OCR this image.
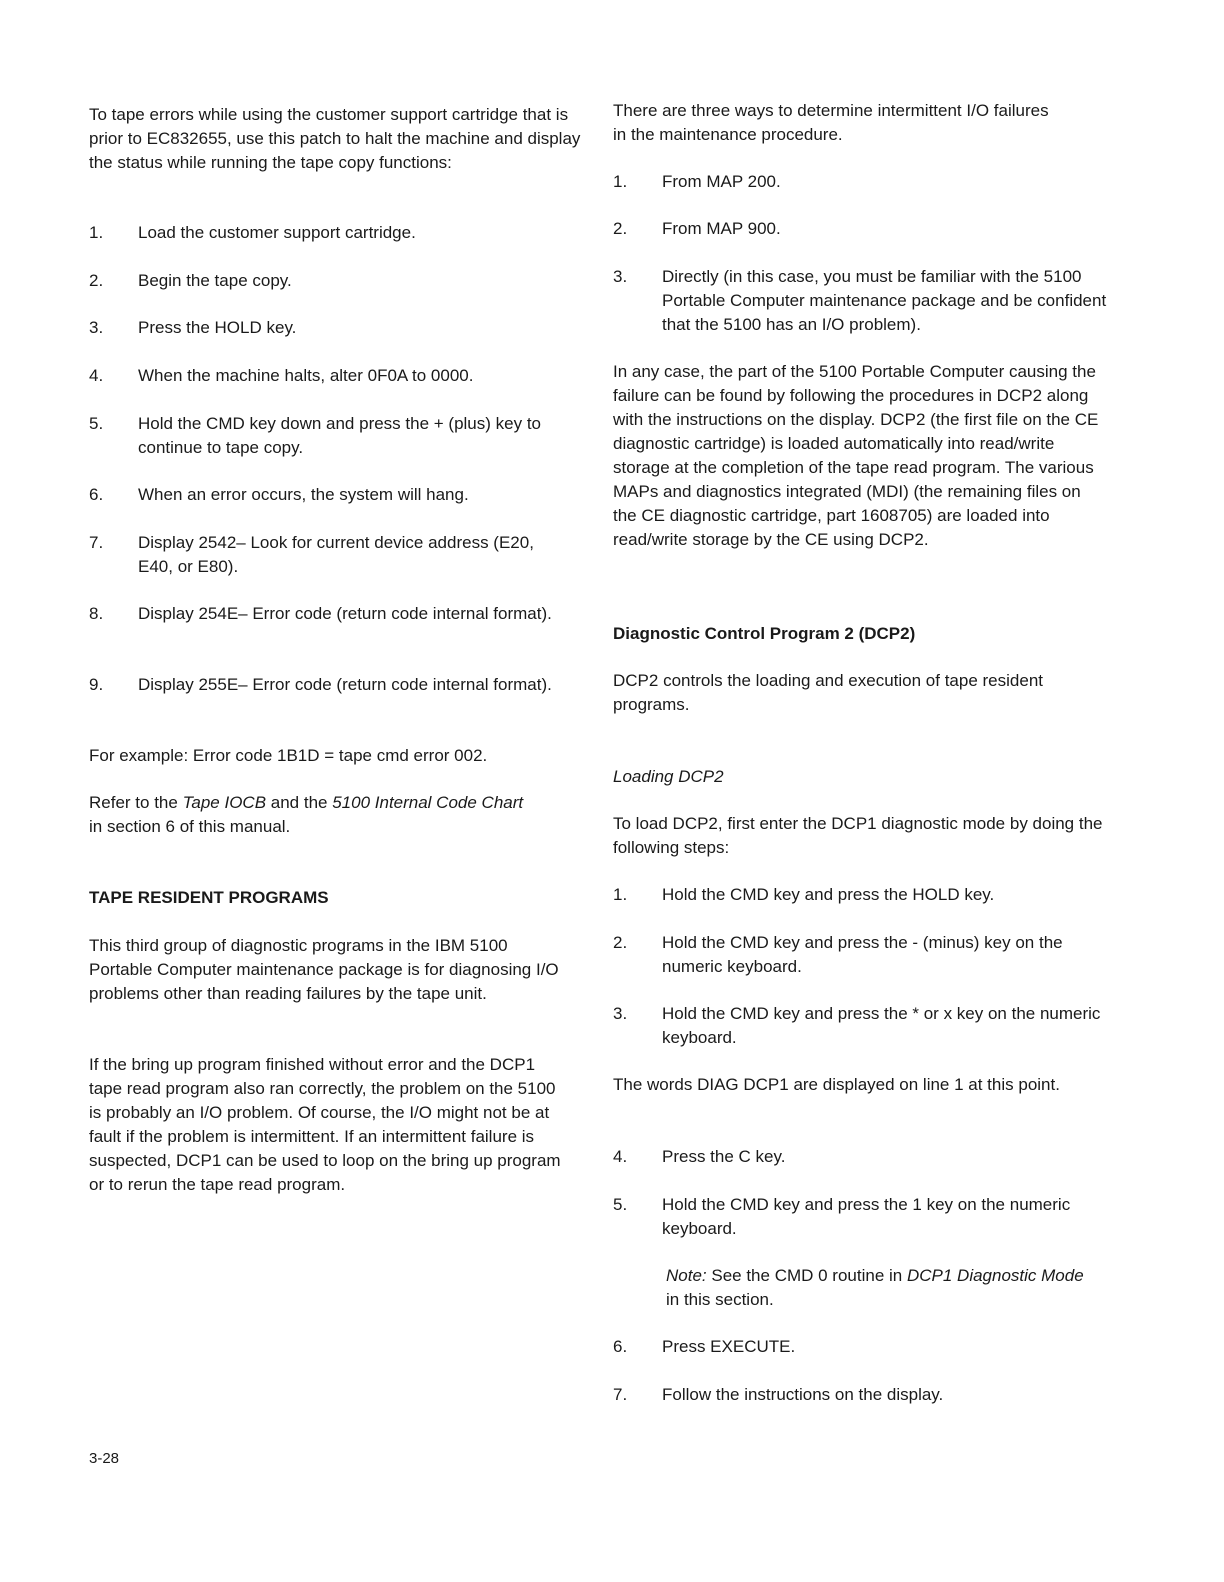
To tape errors while using the customer support cartridge that is prior to EC832655, use this patch to halt the machine and display the status while running the tape copy functions:

1.	Load the customer support cartridge.
2.	Begin the tape copy.
3.	Press the HOLD key.
4.	When the machine halts, alter 0F0A to 0000.
5.	Hold the CMD key down and press the + (plus) key to continue to tape copy.
6.	When an error occurs, the system will hang.
7.	Display 2542– Look for current device address (E20, E40, or E80).
8.	Display 254E– Error code (return code internal format).
9.	Display 255E– Error code (return code internal format).

For example: Error code 1B1D = tape cmd error 002.

Refer to the Tape IOCB and the 5100 Internal Code Chart in section 6 of this manual.

TAPE RESIDENT PROGRAMS

This third group of diagnostic programs in the IBM 5100 Portable Computer maintenance package is for diagnosing I/O problems other than reading failures by the tape unit.

If the bring up program finished without error and the DCP1 tape read program also ran correctly, the problem on the 5100 is probably an I/O problem. Of course, the I/O might not be at fault if the problem is intermittent. If an intermittent failure is suspected, DCP1 can be used to loop on the bring up program or to rerun the tape read program.

There are three ways to determine intermittent I/O failures in the maintenance procedure.

1.	From MAP 200.
2.	From MAP 900.
3.	Directly (in this case, you must be familiar with the 5100 Portable Computer maintenance package and be confident that the 5100 has an I/O problem).

In any case, the part of the 5100 Portable Computer causing the failure can be found by following the procedures in DCP2 along with the instructions on the display. DCP2 (the first file on the CE diagnostic cartridge) is loaded automatically into read/write storage at the completion of the tape read program. The various MAPs and diagnostics integrated (MDI) (the remaining files on the CE diagnostic cartridge, part 1608705) are loaded into read/write storage by the CE using DCP2.

Diagnostic Control Program 2 (DCP2)

DCP2 controls the loading and execution of tape resident programs.

Loading DCP2

To load DCP2, first enter the DCP1 diagnostic mode by doing the following steps:

1.	Hold the CMD key and press the HOLD key.
2.	Hold the CMD key and press the - (minus) key on the numeric keyboard.
3.	Hold the CMD key and press the * or x key on the numeric keyboard.

The words DIAG DCP1 are displayed on line 1 at this point.

4.	Press the C key.
5.	Hold the CMD key and press the 1 key on the numeric keyboard.

Note: See the CMD 0 routine in DCP1 Diagnostic Mode in this section.

6.	Press EXECUTE.
7.	Follow the instructions on the display.
3-28
